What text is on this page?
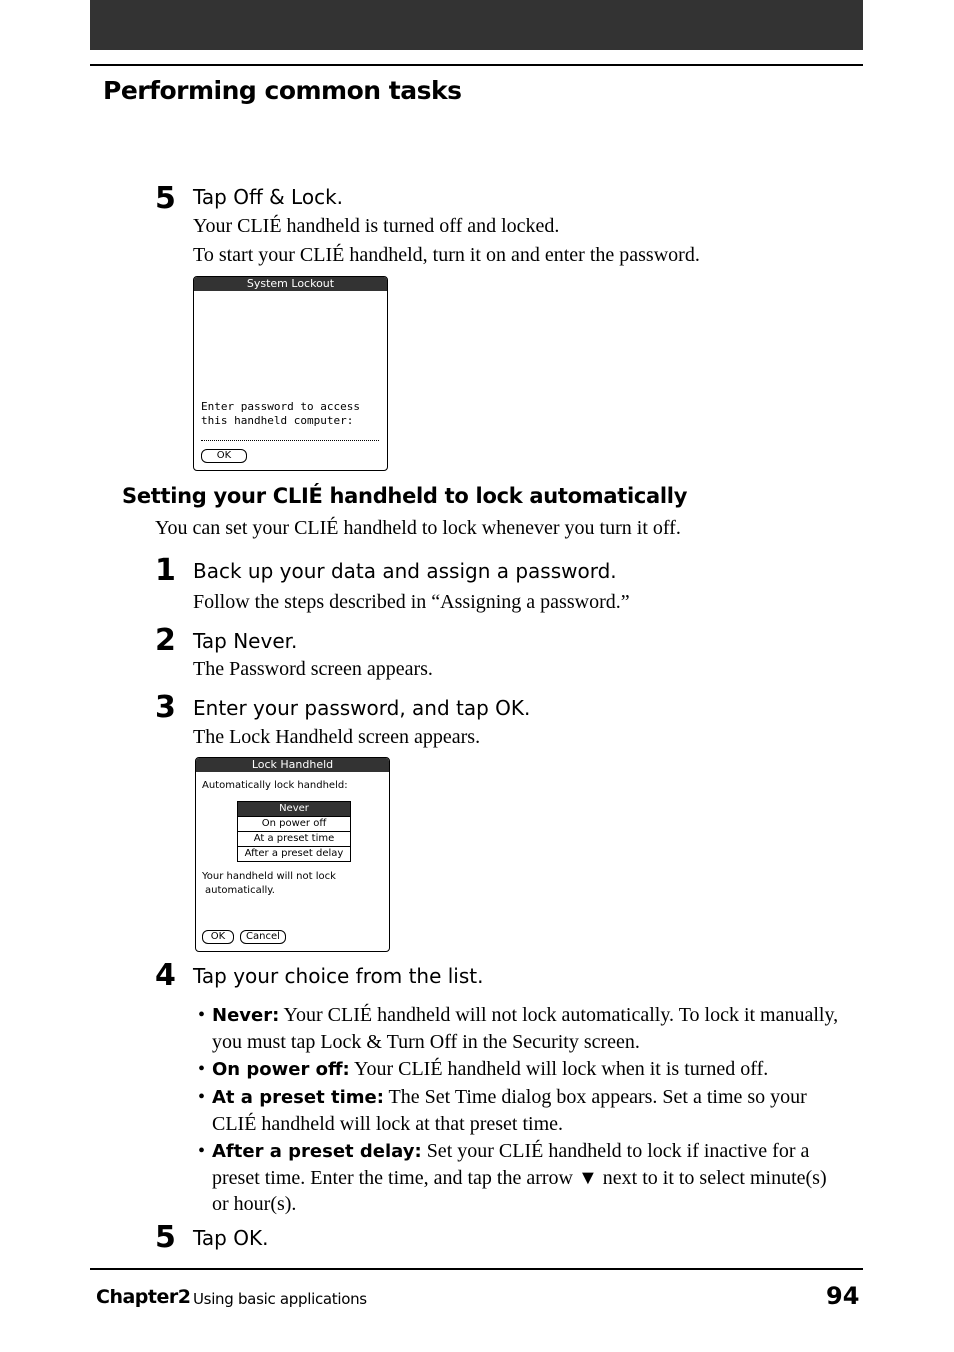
Performing common tasks
5 Tap Off & Lock.
Your CLIÉ handheld is turned off and locked.
To start your CLIÉ handheld, turn it on and enter the password.
System Lockout
Enter password to access
this handheld computer:
OK
Setting your CLIÉ handheld to lock automatically
You can set your CLIÉ handheld to lock whenever you turn it off.
1 Back up your data and assign a password.
Follow the steps described in “Assigning a password.”
2 Tap Never.
The Password screen appears.
3 Enter your password, and tap OK.
The Lock Handheld screen appears.
Lock Handheld
Automatically lock handheld:
Never
On power off
At a preset time
After a preset delay
Your handheld will not lock
automatically.
OK	Cancel
4 Tap your choice from the list.
• Never: Your CLIÉ handheld will not lock automatically. To lock it manually, you must tap Lock & Turn Off in the Security screen.
• On power off: Your CLIÉ handheld will lock when it is turned off.
• At a preset time: The Set Time dialog box appears. Set a time so your CLIÉ handheld will lock at that preset time.
• After a preset delay: Set your CLIÉ handheld to lock if inactive for a preset time. Enter the time, and tap the arrow ▼ next to it to select minute(s) or hour(s).
5 Tap OK.
Chapter2 Using basic applications	94
